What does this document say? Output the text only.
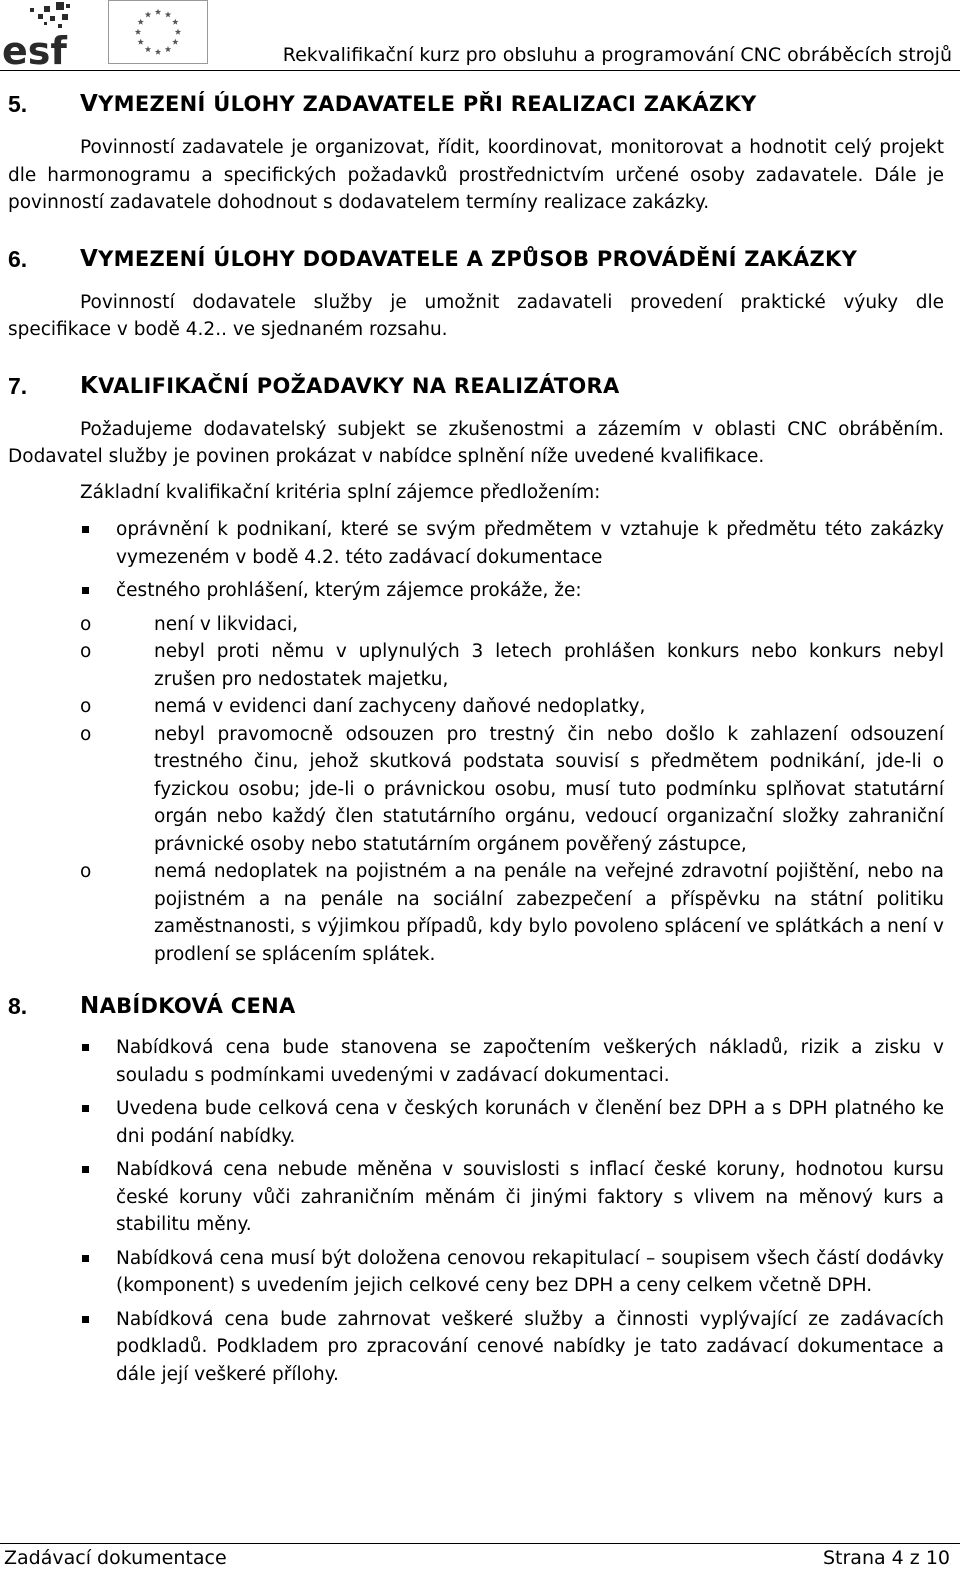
esf	Rekvalifikační kurz pro obsluhu a programování CNC obráběcích strojů
5. VYMEZENÍ ÚLOHY ZADAVATELE PŘI REALIZACI ZAKÁZKY

Povinností zadavatele je organizovat, řídit, koordinovat, monitorovat a hodnotit celý projekt dle harmonogramu a specifických požadavků prostřednictvím určené osoby zadavatele. Dále je povinností zadavatele dohodnout s dodavatelem termíny realizace zakázky.

6. VYMEZENÍ ÚLOHY DODAVATELE A ZPŮSOB PROVÁDĚNÍ ZAKÁZKY

Povinností dodavatele služby je umožnit zadavateli provedení praktické výuky dle specifikace v bodě 4.2.. ve sjednaném rozsahu.

7. KVALIFIKAČNÍ POŽADAVKY NA REALIZÁTORA

Požadujeme dodavatelský subjekt se zkušenostmi a zázemím v oblasti CNC obráběním. Dodavatel služby je povinen prokázat v nabídce splnění níže uvedené kvalifikace.

Základní kvalifikační kritéria splní zájemce předložením:

oprávnění k podnikaní, které se svým předmětem v vztahuje k předmětu této zakázky vymezeném v bodě 4.2. této zadávací dokumentace
čestného prohlášení, kterým zájemce prokáže, že:
o	není v likvidaci,
o	nebyl proti němu v uplynulých 3 letech prohlášen konkurs nebo konkurs nebyl zrušen pro nedostatek majetku,
o	nemá v evidenci daní zachyceny daňové nedoplatky,
o	nebyl pravomocně odsouzen pro trestný čin nebo došlo k zahlazení odsouzení trestného činu, jehož skutková podstata souvisí s předmětem podnikání, jde-li o fyzickou osobu; jde-li o právnickou osobu, musí tuto podmínku splňovat statutární orgán nebo každý člen statutárního orgánu, vedoucí organizační složky zahraniční právnické osoby nebo statutárním orgánem pověřený zástupce,
o	nemá nedoplatek na pojistném a na penále na veřejné zdravotní pojištění, nebo na pojistném a na penále na sociální zabezpečení a příspěvku na státní politiku zaměstnanosti, s výjimkou případů, kdy bylo povoleno splácení ve splátkách a není v prodlení se splácením splátek.
8. NABÍDKOVÁ CENA
Nabídková cena bude stanovena se započtením veškerých nákladů, rizik a zisku v souladu s podmínkami uvedenými v zadávací dokumentaci.
Uvedena bude celková cena v českých korunách v členění bez DPH a s DPH platného ke dni podání nabídky.
Nabídková cena nebude měněna v souvislosti s inflací české koruny, hodnotou kursu české koruny vůči zahraničním měnám či jinými faktory s vlivem na měnový kurs a stabilitu měny.
Nabídková cena musí být doložena cenovou rekapitulací – soupisem všech částí dodávky (komponent) s uvedením jejich celkové ceny bez DPH a ceny celkem včetně DPH.
Nabídková cena bude zahrnovat veškeré služby a činnosti vyplývající ze zadávacích podkladů. Podkladem pro zpracování cenové nabídky je tato zadávací dokumentace a dále její veškeré přílohy.
Zadávací dokumentace	Strana 4 z 10
